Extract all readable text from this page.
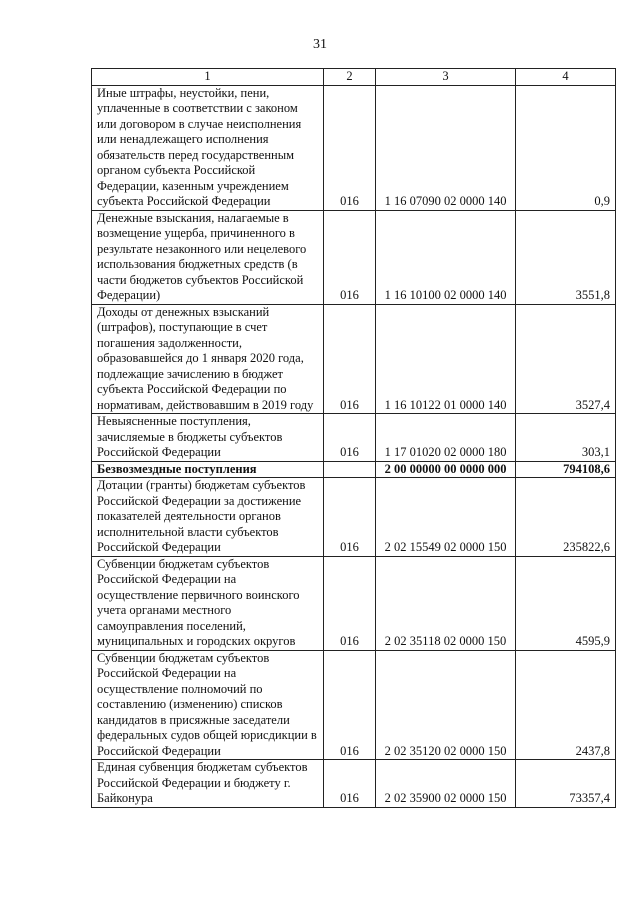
31
1	2	3	4
Иные штрафы, неустойки, пени, уплаченные в соответствии с законом или договором в случае неисполнения или ненадлежащего исполнения обязательств перед государственным органом субъекта Российской Федерации, казенным учреждением субъекта Российской Федерации	016	1 16 07090 02 0000 140	0,9
Денежные взыскания, налагаемые в возмещение ущерба, причиненного в результате незаконного или нецелевого использования бюджетных средств (в части бюджетов субъектов Российской Федерации)	016	1 16 10100 02 0000 140	3551,8
Доходы от денежных взысканий (штрафов), поступающие в счет погашения задолженности, образовавшейся до 1 января 2020 года, подлежащие зачислению в бюджет субъекта Российской Федерации по нормативам, действовавшим в 2019 году	016	1 16 10122 01 0000 140	3527,4
Невыясненные поступления, зачисляемые в бюджеты субъектов Российской Федерации	016	1 17 01020 02 0000 180	303,1
Безвозмездные поступления		2 00 00000 00 0000 000	794108,6
Дотации (гранты) бюджетам субъектов Российской Федерации за достижение показателей деятельности органов исполнительной власти субъектов Российской Федерации	016	2 02 15549 02 0000 150	235822,6
Субвенции бюджетам субъектов Российской Федерации на осуществление первичного воинского учета органами местного самоуправления поселений, муниципальных и городских округов	016	2 02 35118 02 0000 150	4595,9
Субвенции бюджетам субъектов Российской Федерации на осуществление полномочий по составлению (изменению) списков кандидатов в присяжные заседатели федеральных судов общей юрисдикции в Российской Федерации	016	2 02 35120 02 0000 150	2437,8
Единая субвенция бюджетам субъектов Российской Федерации и бюджету г. Байконура	016	2 02 35900 02 0000 150	73357,4
